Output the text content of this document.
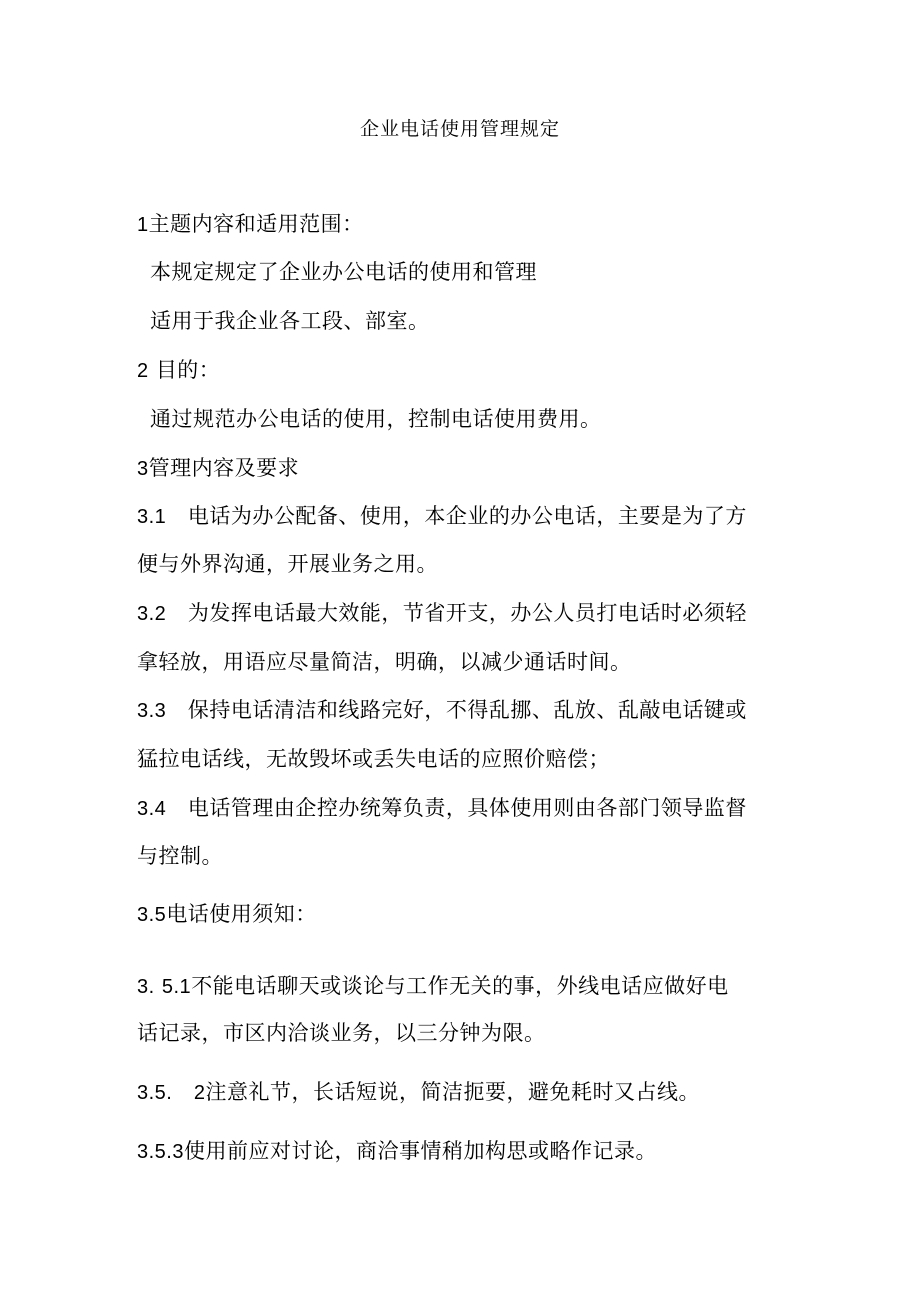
企业电话使用管理规定
1主题内容和适用范围：
本规定规定了企业办公电话的使用和管理
适用于我企业各工段、部室。
2 目的：
通过规范办公电话的使用，控制电话使用费用。
3管理内容及要求
3.1 电话为办公配备、使用，本企业的办公电话，主要是为了方
便与外界沟通，开展业务之用。
3.2 为发挥电话最大效能，节省开支，办公人员打电话时必须轻
拿轻放，用语应尽量简洁，明确，以减少通话时间。
3.3 保持电话清洁和线路完好，不得乱挪、乱放、乱敲电话键或
猛拉电话线，无故毁坏或丢失电话的应照价赔偿；
3.4 电话管理由企控办统筹负责，具体使用则由各部门领导监督
与控制。
3.5电话使用须知：
3. 5.1不能电话聊天或谈论与工作无关的事，外线电话应做好电
话记录，市区内洽谈业务，以三分钟为限。
3.5. 2注意礼节，长话短说，简洁扼要，避免耗时又占线。
3.5.3使用前应对讨论，商洽事情稍加构思或略作记录。
